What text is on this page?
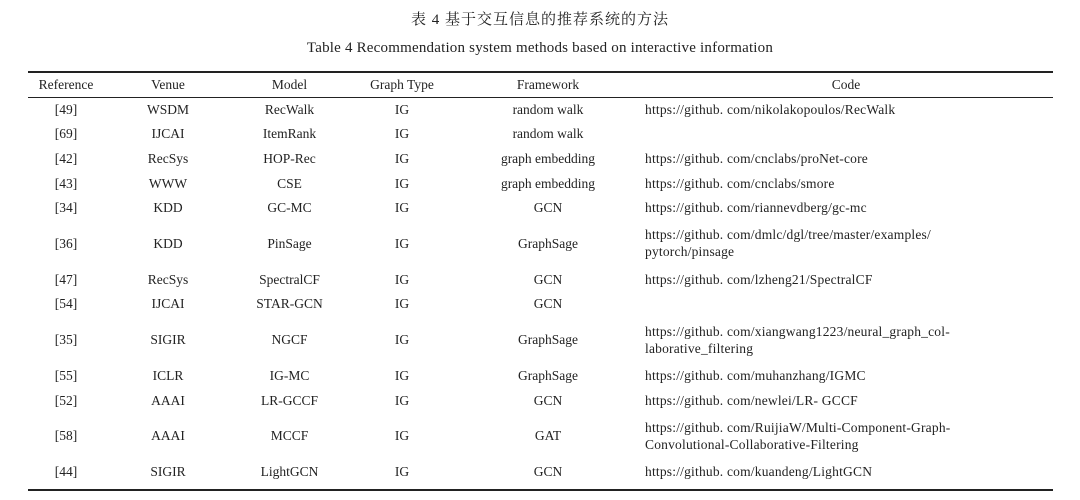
表 4 基于交互信息的推荐系统的方法
Table 4 Recommendation system methods based on interactive information
Reference	Venue	Model	Graph Type	Framework	Code
[49]	WSDM	RecWalk	IG	random walk	https://github. com/nikolakopoulos/RecWalk
[69]	IJCAI	ItemRank	IG	random walk	
[42]	RecSys	HOP-Rec	IG	graph embedding	https://github. com/cnclabs/proNet-core
[43]	WWW	CSE	IG	graph embedding	https://github. com/cnclabs/smore
[34]	KDD	GC-MC	IG	GCN	https://github. com/riannevdberg/gc-mc
[36]	KDD	PinSage	IG	GraphSage	https://github. com/dmlc/dgl/tree/master/examples/
pytorch/pinsage
[47]	RecSys	SpectralCF	IG	GCN	https://github. com/lzheng21/SpectralCF
[54]	IJCAI	STAR-GCN	IG	GCN	
[35]	SIGIR	NGCF	IG	GraphSage	https://github. com/xiangwang1223/neural_graph_col-
laborative_filtering
[55]	ICLR	IG-MC	IG	GraphSage	https://github. com/muhanzhang/IGMC
[52]	AAAI	LR-GCCF	IG	GCN	https://github. com/newlei/LR- GCCF
[58]	AAAI	MCCF	IG	GAT	https://github. com/RuijiaW/Multi-Component-Graph-
Convolutional-Collaborative-Filtering
[44]	SIGIR	LightGCN	IG	GCN	https://github. com/kuandeng/LightGCN
